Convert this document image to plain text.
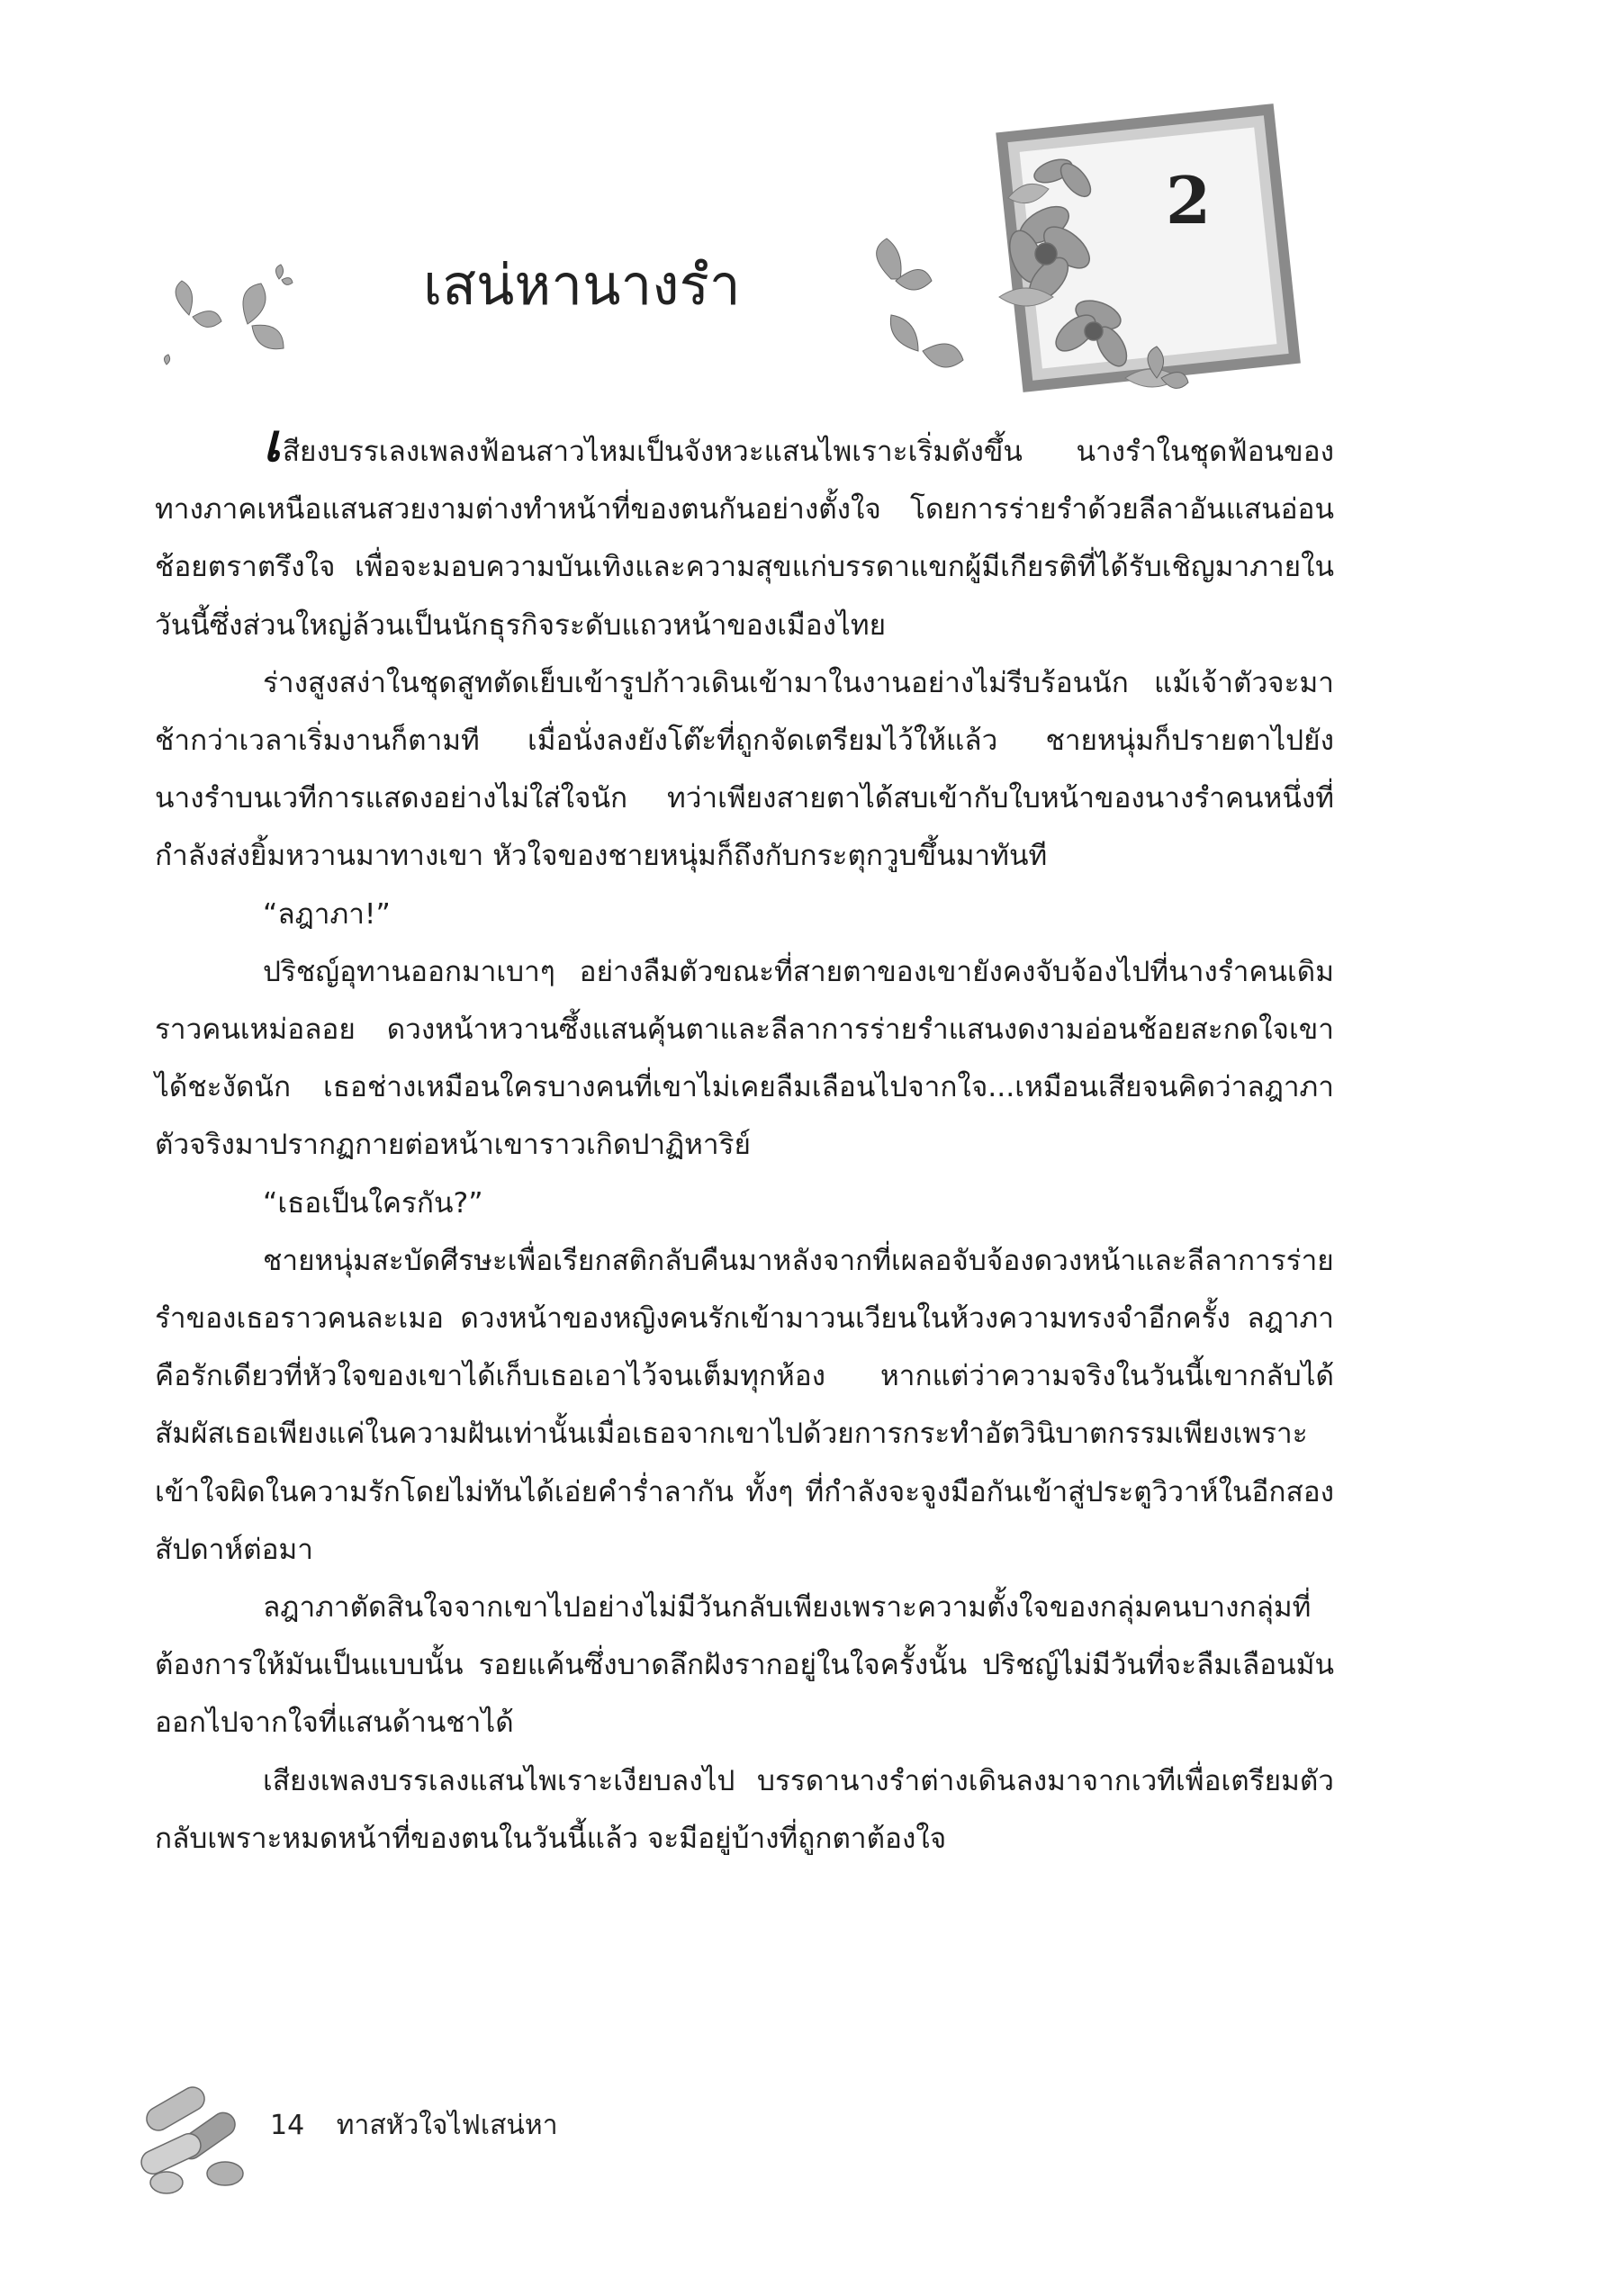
2
เสน่หานางรำ

เสียงบรรเลงเพลงฟ้อนสาวไหมเป็นจังหวะแสนไพเราะเริ่มดังขึ้น นางรำในชุดฟ้อนของทางภาคเหนือแสนสวยงามต่างทำหน้าที่ของตนกันอย่างตั้งใจ โดยการร่ายรำด้วยลีลาอันแสนอ่อนช้อยตราตรึงใจ เพื่อจะมอบความบันเทิงและความสุขแก่บรรดาแขกผู้มีเกียรติที่ได้รับเชิญมาภายในวันนี้ซึ่งส่วนใหญ่ล้วนเป็นนักธุรกิจระดับแถวหน้าของเมืองไทย

ร่างสูงสง่าในชุดสูทตัดเย็บเข้ารูปก้าวเดินเข้ามาในงานอย่างไม่รีบร้อนนัก แม้เจ้าตัวจะมาช้ากว่าเวลาเริ่มงานก็ตามที เมื่อนั่งลงยังโต๊ะที่ถูกจัดเตรียมไว้ให้แล้ว ชายหนุ่มก็ปรายตาไปยังนางรำบนเวทีการแสดงอย่างไม่ใส่ใจนัก ทว่าเพียงสายตาได้สบเข้ากับใบหน้าของนางรำคนหนึ่งที่กำลังส่งยิ้มหวานมาทางเขา หัวใจของชายหนุ่มก็ถึงกับกระตุกวูบขึ้นมาทันที

“ลฎาภา!”

ปริชญ์อุทานออกมาเบาๆ อย่างลืมตัวขณะที่สายตาของเขายังคงจับจ้องไปที่นางรำคนเดิมราวคนเหม่อลอย ดวงหน้าหวานซึ้งแสนคุ้นตาและลีลาการร่ายรำแสนงดงามอ่อนช้อยสะกดใจเขาได้ชะงัดนัก เธอช่างเหมือนใครบางคนที่เขาไม่เคยลืมเลือนไปจากใจ...เหมือนเสียจนคิดว่าลฎาภาตัวจริงมาปรากฏกายต่อหน้าเขาราวเกิดปาฏิหาริย์

“เธอเป็นใครกัน?”

ชายหนุ่มสะบัดศีรษะเพื่อเรียกสติกลับคืนมาหลังจากที่เผลอจับจ้องดวงหน้าและลีลาการร่ายรำของเธอราวคนละเมอ ดวงหน้าของหญิงคนรักเข้ามาวนเวียนในห้วงความทรงจำอีกครั้ง ลฎาภาคือรักเดียวที่หัวใจของเขาได้เก็บเธอเอาไว้จนเต็มทุกห้อง หากแต่ว่าความจริงในวันนี้เขากลับได้สัมผัสเธอเพียงแค่ในความฝันเท่านั้นเมื่อเธอจากเขาไปด้วยการกระทำอัตวินิบาตกรรมเพียงเพราะเข้าใจผิดในความรักโดยไม่ทันได้เอ่ยคำร่ำลากัน ทั้งๆ ที่กำลังจะจูงมือกันเข้าสู่ประตูวิวาห์ในอีกสองสัปดาห์ต่อมา

ลฎาภาตัดสินใจจากเขาไปอย่างไม่มีวันกลับเพียงเพราะความตั้งใจของกลุ่มคนบางกลุ่มที่ต้องการให้มันเป็นแบบนั้น รอยแค้นซึ่งบาดลึกฝังรากอยู่ในใจครั้งนั้น ปริชญ์ไม่มีวันที่จะลืมเลือนมันออกไปจากใจที่แสนด้านชาได้

เสียงเพลงบรรเลงแสนไพเราะเงียบลงไป บรรดานางรำต่างเดินลงมาจากเวทีเพื่อเตรียมตัวกลับเพราะหมดหน้าที่ของตนในวันนี้แล้ว จะมีอยู่บ้างที่ถูกตาต้องใจ

14 ทาสหัวใจไฟเสน่หา
